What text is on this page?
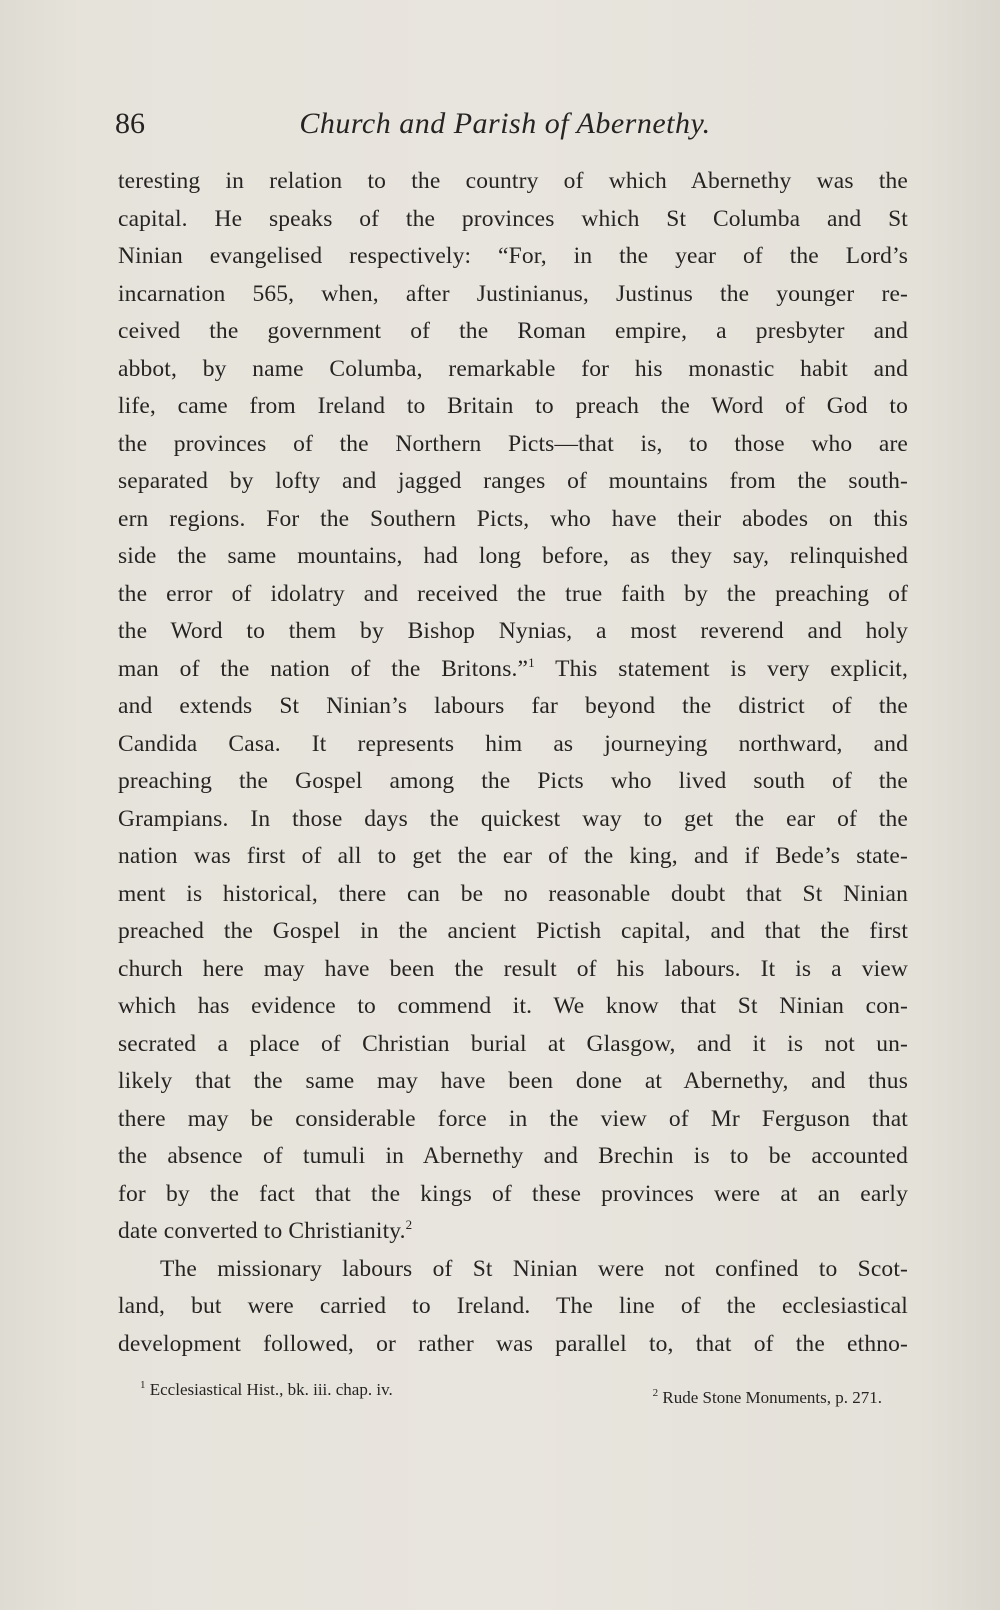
86	Church and Parish of Abernethy.
teresting in relation to the country of which Abernethy was the
capital. He speaks of the provinces which St Columba and St
Ninian evangelised respectively: “For, in the year of the Lord’s
incarnation 565, when, after Justinianus, Justinus the younger re-
ceived the government of the Roman empire, a presbyter and
abbot, by name Columba, remarkable for his monastic habit and
life, came from Ireland to Britain to preach the Word of God to
the provinces of the Northern Picts—that is, to those who are
separated by lofty and jagged ranges of mountains from the south-
ern regions. For the Southern Picts, who have their abodes on this
side the same mountains, had long before, as they say, relinquished
the error of idolatry and received the true faith by the preaching of
the Word to them by Bishop Nynias, a most reverend and holy
man of the nation of the Britons.”$^1$ This statement is very explicit,
and extends St Ninian’s labours far beyond the district of the
Candida Casa. It represents him as journeying northward, and
preaching the Gospel among the Picts who lived south of the
Grampians. In those days the quickest way to get the ear of the
nation was first of all to get the ear of the king, and if Bede’s state-
ment is historical, there can be no reasonable doubt that St Ninian
preached the Gospel in the ancient Pictish capital, and that the first
church here may have been the result of his labours. It is a view
which has evidence to commend it. We know that St Ninian con-
secrated a place of Christian burial at Glasgow, and it is not un-
likely that the same may have been done at Abernethy, and thus
there may be considerable force in the view of Mr Ferguson that
the absence of tumuli in Abernethy and Brechin is to be accounted
for by the fact that the kings of these provinces were at an early
date converted to Christianity.$^2$
The missionary labours of St Ninian were not confined to Scot-
land, but were carried to Ireland. The line of the ecclesiastical
development followed, or rather was parallel to, that of the ethno-
$^1$ Ecclesiastical Hist., bk. iii. chap. iv.	$^2$ Rude Stone Monuments, p. 271.
